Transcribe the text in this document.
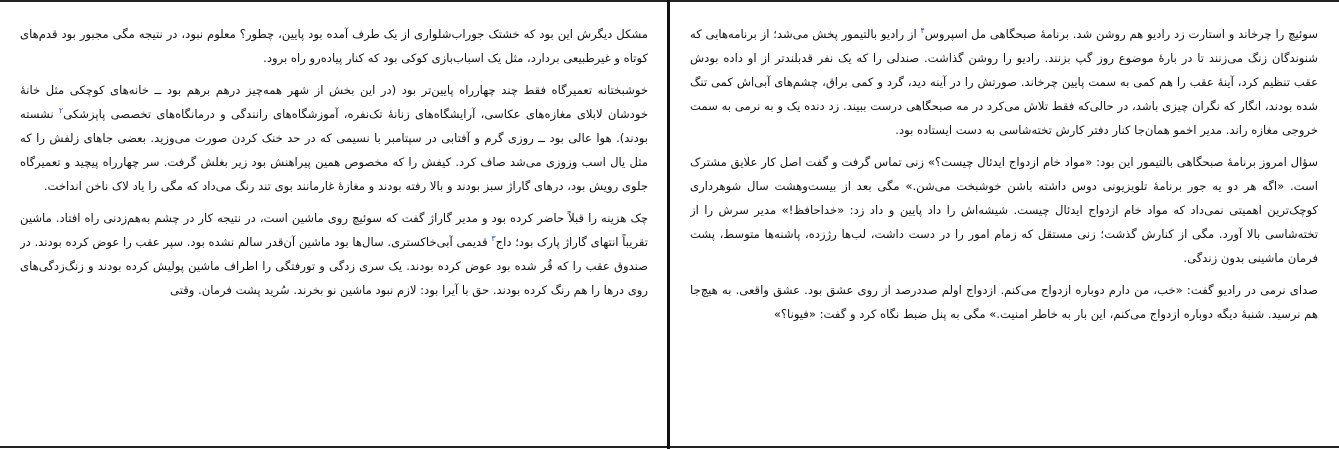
مشکل دیگرش این بود که خشتک جوراب‌شلواری از یک طرف آمده بود پایین، چطور؟ معلوم نبود، در نتیجه مگی مجبور بود قدم‌های کوتاه و غیرطبیعی بردارد، مثل یک اسباب‌بازی کوکی بود که کنار پیاده‌رو راه برود.

خوشبختانه تعمیرگاه فقط چند چهارراه پایین‌تر بود (در این بخش از شهر همه‌چیز درهم برهم بود ــ خانه‌های کوچکی مثل خانهٔ خودشان لابلای مغازه‌های عکاسی، آرایشگاه‌های زنانهٔ تک‌نفره، آموزشگاه‌های رانندگی و درمانگاه‌های تخصصی پاپزشکی$^۲$ نشسته بودند). هوا عالی بود ــ روزی گرم و آفتابی در سپتامبر با نسیمی که در حد خنک کردن صورت می‌وزید. بعضی جاهای زلفش را که مثل یال اسب وزوزی می‌شد صاف کرد. کیفش را که مخصوص همین پیراهنش بود زیر بغلش گرفت. سر چهارراه پیچید و تعمیرگاه جلوی رویش بود، درهای گاراژ سبز بودند و بالا رفته بودند و مغازهٔ غارمانند بوی تند رنگ می‌داد که مگی را یاد لاک ناخن انداخت.

چک هزینه را قبلاً حاضر کرده بود و مدیر گاراژ گفت که سوئیچ روی ماشین است، در نتیجه کار در چشم به‌هم‌زدنی راه افتاد. ماشین تقریباً انتهای گاراژ پارک بود؛ داج$^۳$ قدیمی آبی‌خاکستری. سال‌ها بود ماشین آن‌قدر سالم نشده بود. سپر عقب را عوض کرده بودند. در صندوق عقب را که قُر شده بود عوض کرده بودند. یک سری زدگی و تورفتگی را اطراف ماشین پولیش کرده بودند و زنگ‌زدگی‌های روی درها را هم رنگ کرده بودند. حق با آیرا بود: لازم نبود ماشین نو بخرند. سُرید پشت فرمان. وقتی

سوئیچ را چرخاند و استارت زد رادیو هم روشن شد. برنامهٔ صبحگاهی مل اسپروس$^۴$ از رادیو بالتیمور پخش می‌شد؛ از برنامه‌هایی که شنوندگان زنگ می‌زنند تا در بارهٔ موضوع روز گپ بزنند. رادیو را روشن گذاشت. صندلی را که یک نفر قدبلندتر از او داده بودش عقب تنظیم کرد، آینهٔ عقب را هم کمی به سمت پایین چرخاند. صورتش را در آینه دید، گرد و کمی براق، چشم‌های آبی‌اش کمی تنگ شده بودند، انگار که نگران چیزی باشد، در حالی‌که فقط تلاش می‌کرد در مه صبحگاهی درست ببیند. زد دنده یک و به نرمی به سمت خروجی مغازه راند. مدیر اخمو همان‌جا کنار دفتر کارش تخته‌شاسی به دست ایستاده بود.

سؤال امروز برنامهٔ صبحگاهی بالتیمور این بود: «مواد خام ازدواج ایدئال چیست؟» زنی تماس گرفت و گفت اصل کار علایق مشترک است. «اگه هر دو یه جور برنامهٔ تلویزیونی دوس داشته باشن خوشبخت می‌شن.» مگی بعد از بیست‌وهشت سال شوهرداری کوچک‌ترین اهمیتی نمی‌داد که مواد خام ازدواج ایدئال چیست. شیشه‌اش را داد پایین و داد زد: «خداحافظ!» مدیر سرش را از تخته‌شاسی بالا آورد. مگی از کنارش گذشت؛ زنی مستقل که زمام امور را در دست داشت، لب‌ها رژزده، پاشنه‌ها متوسط، پشت فرمان ماشینی بدون زندگی.

صدای نرمی در رادیو گفت: «خب، من دارم دوباره ازدواج می‌کنم. ازدواج اولم صددرصد از روی عشق بود. عشق واقعی. به هیچ‌جا هم نرسید. شنبهٔ دیگه دوباره ازدواج می‌کنم، این بار به خاطر امنیت.» مگی به پنل ضبط نگاه کرد و گفت: «فیونا؟»
